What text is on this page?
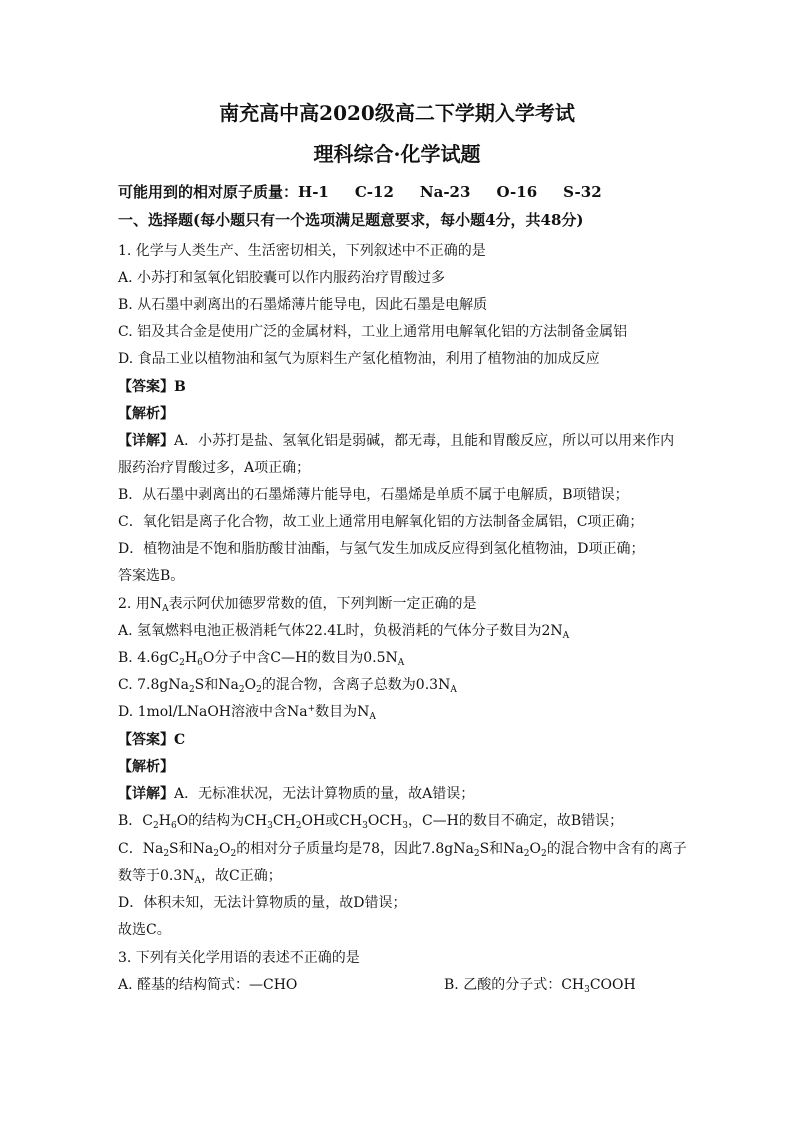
南充高中高2020级高二下学期入学考试
理科综合·化学试题
可能用到的相对原子质量：H-1 C-12 Na-23 O-16 S-32
一、选择题(每小题只有一个选项满足题意要求，每小题4分，共48分)
1. 化学与人类生产、生活密切相关，下列叙述中不正确的是
A. 小苏打和氢氧化铝胶囊可以作内服药治疗胃酸过多
B. 从石墨中剥离出的石墨烯薄片能导电，因此石墨是电解质
C. 铝及其合金是使用广泛的金属材料，工业上通常用电解氧化铝的方法制备金属铝
D. 食品工业以植物油和氢气为原料生产氢化植物油，利用了植物油的加成反应
【答案】B
【解析】
【详解】A．小苏打是盐、氢氧化铝是弱碱，都无毒，且能和胃酸反应，所以可以用来作内
服药治疗胃酸过多，A项正确；
B．从石墨中剥离出的石墨烯薄片能导电，石墨烯是单质不属于电解质，B项错误；
C．氧化铝是离子化合物，故工业上通常用电解氧化铝的方法制备金属铝，C项正确；
D．植物油是不饱和脂肪酸甘油酯，与氢气发生加成反应得到氢化植物油，D项正确；
答案选B。
2. 用$N_A$表示阿伏加德罗常数的值，下列判断一定正确的是
A. 氢氧燃料电池正极消耗气体22.4L时，负极消耗的气体分子数目为$2N_A$
B. $4.6gC_2H_6O$分子中含C—H的数目为$0.5N_A$
C. 7.8gNa$_2$S和$Na_2O_2$的混合物，含离子总数为$0.3N_A$
D. 1mol/LNaOH溶液中含Na+数目为$N_A$
【答案】C
【解析】
【详解】A．无标准状况，无法计算物质的量，故A错误；
B．$C_2H_6O$的结构为$CH_3CH_2OH$或$CH_3OCH_3$，C—H的数目不确定，故B错误；
C．$Na_2S$和$Na_2O_2$的相对分子质量均是78，因此7.8gNa$_2$S和$Na_2O_2$的混合物中含有的离子
数等于$0.3N_A$，故C正确；
D．体积未知，无法计算物质的量，故D错误；
故选C。
3. 下列有关化学用语的表述不正确的是
A. 醛基的结构简式：—CHO	B. 乙酸的分子式：$CH_3COOH$
